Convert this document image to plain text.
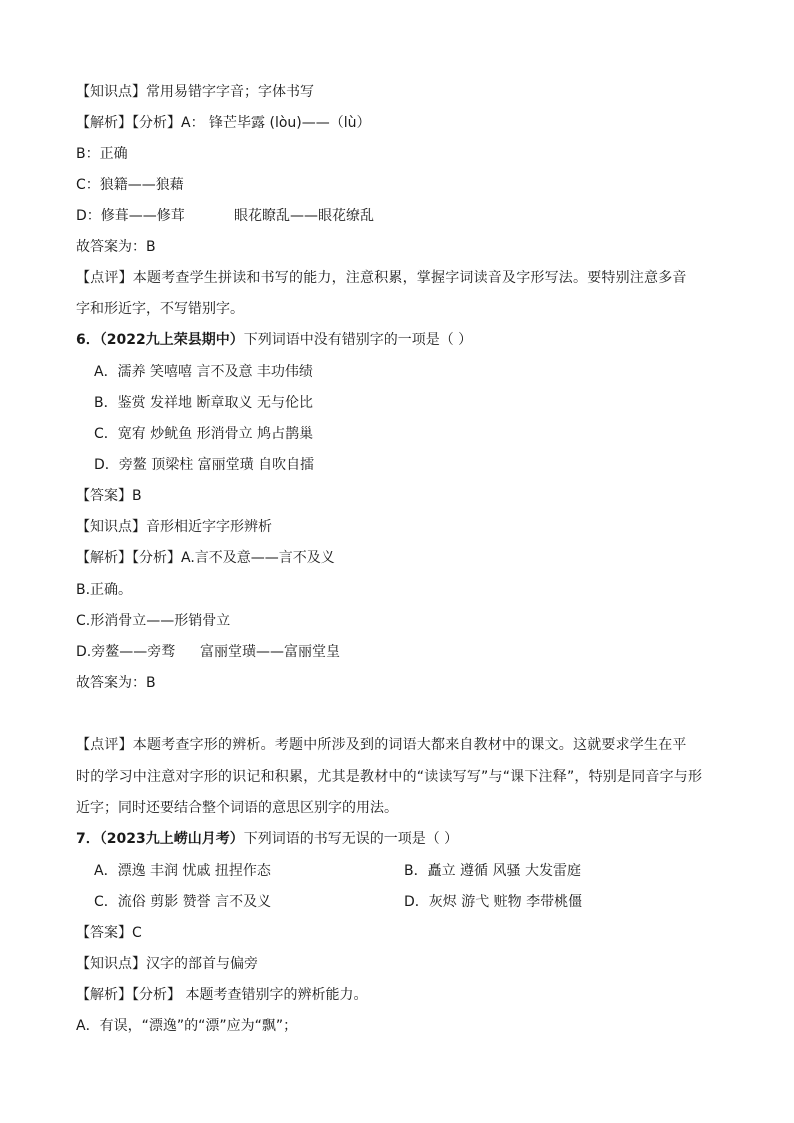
【知识点】常用易错字字音；字体书写
【解析】【分析】A： 锋芒毕露 (lòu)——（lù）
B：正确
C：狼籍——狼藉
D：修葺——修茸	眼花瞭乱——眼花缭乱
故答案为：B
【点评】本题考查学生拼读和书写的能力，注意积累，掌握字词读音及字形写法。要特别注意多音
字和形近字，不写错别字。
6．（2022九上荣县期中）下列词语中没有错别字的一项是（ ）
A．濡养 笑嘻嘻 言不及意 丰功伟绩
B．鉴赏 发祥地 断章取义 无与伦比
C．宽宥 炒鱿鱼 形消骨立 鸠占鹊巢
D．旁鳌 顶梁柱 富丽堂璜 自吹自擂
【答案】B
【知识点】音形相近字字形辨析
【解析】【分析】A.言不及意——言不及义
B.正确。
C.形消骨立——形销骨立
D.旁鳌——旁骛 富丽堂璜——富丽堂皇
故答案为：B
【点评】本题考查字形的辨析。考题中所涉及到的词语大都来自教材中的课文。这就要求学生在平
时的学习中注意对字形的识记和积累，尤其是教材中的“读读写写”与“课下注释”，特别是同音字与形
近字；同时还要结合整个词语的意思区别字的用法。
7．（2023九上崂山月考）下列词语的书写无误的一项是（ ）
A．漂逸 丰润 忧戚 扭捏作态	B．矗立 遵循 风骚 大发雷庭
C．流俗 剪影 赞誉 言不及义	D．灰烬 游弋 赃物 李带桃僵
【答案】C
【知识点】汉字的部首与偏旁
【解析】【分析】 本题考查错别字的辨析能力。
A．有误，“漂逸”的“漂”应为“飘”；
